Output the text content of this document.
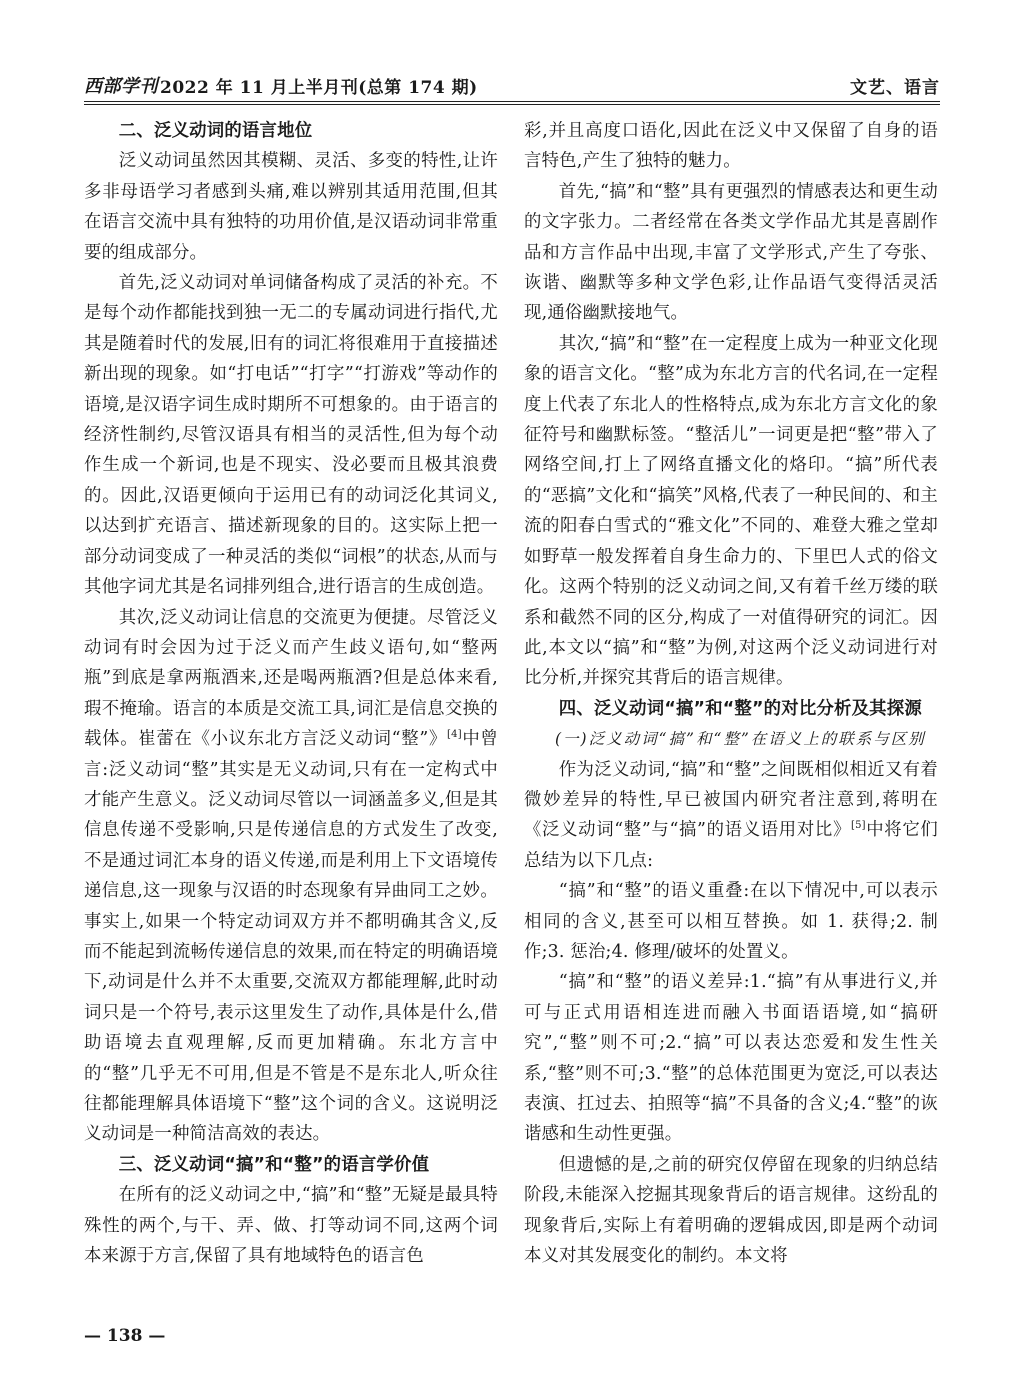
西部学刊 2022 年 11 月上半月刊(总第 174 期)	文艺、语言
二、泛义动词的语言地位

泛义动词虽然因其模糊、灵活、多变的特性,让许多非母语学习者感到头痛,难以辨别其适用范围,但其在语言交流中具有独特的功用价值,是汉语动词非常重要的组成部分。

首先,泛义动词对单词储备构成了灵活的补充。不是每个动作都能找到独一无二的专属动词进行指代,尤其是随着时代的发展,旧有的词汇将很难用于直接描述新出现的现象。如“打电话”“打字”“打游戏”等动作的语境,是汉语字词生成时期所不可想象的。由于语言的经济性制约,尽管汉语具有相当的灵活性,但为每个动作生成一个新词,也是不现实、没必要而且极其浪费的。因此,汉语更倾向于运用已有的动词泛化其词义,以达到扩充语言、描述新现象的目的。这实际上把一部分动词变成了一种灵活的类似“词根”的状态,从而与其他字词尤其是名词排列组合,进行语言的生成创造。

其次,泛义动词让信息的交流更为便捷。尽管泛义动词有时会因为过于泛义而产生歧义语句,如“整两瓶”到底是拿两瓶酒来,还是喝两瓶酒?但是总体来看,瑕不掩瑜。语言的本质是交流工具,词汇是信息交换的载体。崔蕾在《小议东北方言泛义动词“整”》[4]中曾言:泛义动词“整”其实是无义动词,只有在一定构式中才能产生意义。泛义动词尽管以一词涵盖多义,但是其信息传递不受影响,只是传递信息的方式发生了改变,不是通过词汇本身的语义传递,而是利用上下文语境传递信息,这一现象与汉语的时态现象有异曲同工之妙。事实上,如果一个特定动词双方并不都明确其含义,反而不能起到流畅传递信息的效果,而在特定的明确语境下,动词是什么并不太重要,交流双方都能理解,此时动词只是一个符号,表示这里发生了动作,具体是什么,借助语境去直观理解,反而更加精确。东北方言中的“整”几乎无不可用,但是不管是不是东北人,听众往往都能理解具体语境下“整”这个词的含义。这说明泛义动词是一种简洁高效的表达。

三、泛义动词“搞”和“整”的语言学价值

在所有的泛义动词之中,“搞”和“整”无疑是最具特殊性的两个,与干、弄、做、打等动词不同,这两个词本来源于方言,保留了具有地域特色的语言色

彩,并且高度口语化,因此在泛义中又保留了自身的语言特色,产生了独特的魅力。

首先,“搞”和“整”具有更强烈的情感表达和更生动的文字张力。二者经常在各类文学作品尤其是喜剧作品和方言作品中出现,丰富了文学形式,产生了夸张、诙谐、幽默等多种文学色彩,让作品语气变得活灵活现,通俗幽默接地气。

其次,“搞”和“整”在一定程度上成为一种亚文化现象的语言文化。“整”成为东北方言的代名词,在一定程度上代表了东北人的性格特点,成为东北方言文化的象征符号和幽默标签。“整活儿”一词更是把“整”带入了网络空间,打上了网络直播文化的烙印。“搞”所代表的“恶搞”文化和“搞笑”风格,代表了一种民间的、和主流的阳春白雪式的“雅文化”不同的、难登大雅之堂却如野草一般发挥着自身生命力的、下里巴人式的俗文化。这两个特别的泛义动词之间,又有着千丝万缕的联系和截然不同的区分,构成了一对值得研究的词汇。因此,本文以“搞”和“整”为例,对这两个泛义动词进行对比分析,并探究其背后的语言规律。

四、泛义动词“搞”和“整”的对比分析及其探源
(一)泛义动词“搞”和“整”在语义上的联系与区别

作为泛义动词,“搞”和“整”之间既相似相近又有着微妙差异的特性,早已被国内研究者注意到,蒋明在《泛义动词“整”与“搞”的语义语用对比》[5]中将它们总结为以下几点:

“搞”和“整”的语义重叠:在以下情况中,可以表示相同的含义,甚至可以相互替换。如 1. 获得;2. 制作;3. 惩治;4. 修理/破坏的处置义。

“搞”和“整”的语义差异:1.“搞”有从事进行义,并可与正式用语相连进而融入书面语语境,如“搞研究”,“整”则不可;2.“搞”可以表达恋爱和发生性关系,“整”则不可;3.“整”的总体范围更为宽泛,可以表达表演、扛过去、拍照等“搞”不具备的含义;4.“整”的诙谐感和生动性更强。

但遗憾的是,之前的研究仅停留在现象的归纳总结阶段,未能深入挖掘其现象背后的语言规律。这纷乱的现象背后,实际上有着明确的逻辑成因,即是两个动词本义对其发展变化的制约。本文将

— 138 —
